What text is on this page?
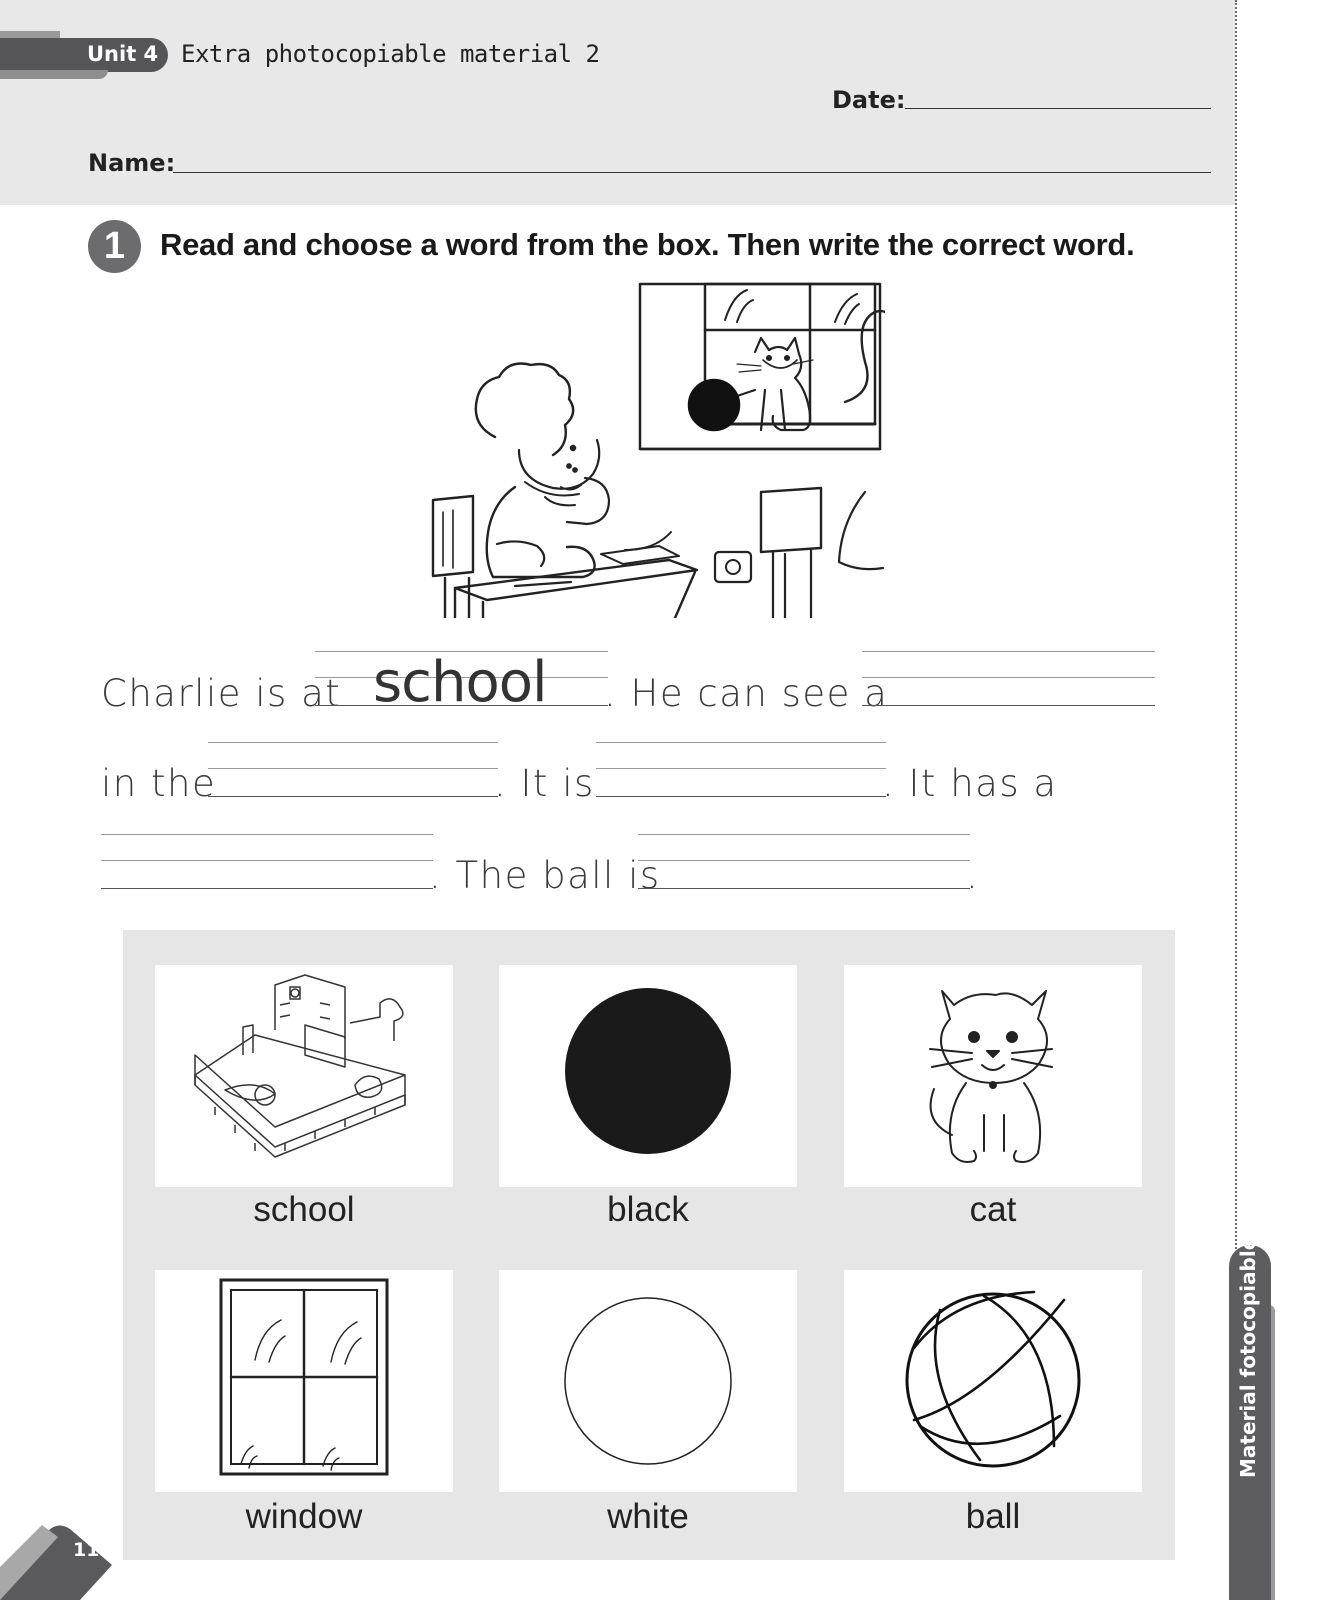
Unit 4 Extra photocopiable material 2
Date:
Name:
1	Read and choose a word from the box. Then write the correct word.
Charlie is at school . He can see a
in the	. It is	. It has a
. The ball is	.
school	black	cat
window	white	ball
Material fotocopiable
110
